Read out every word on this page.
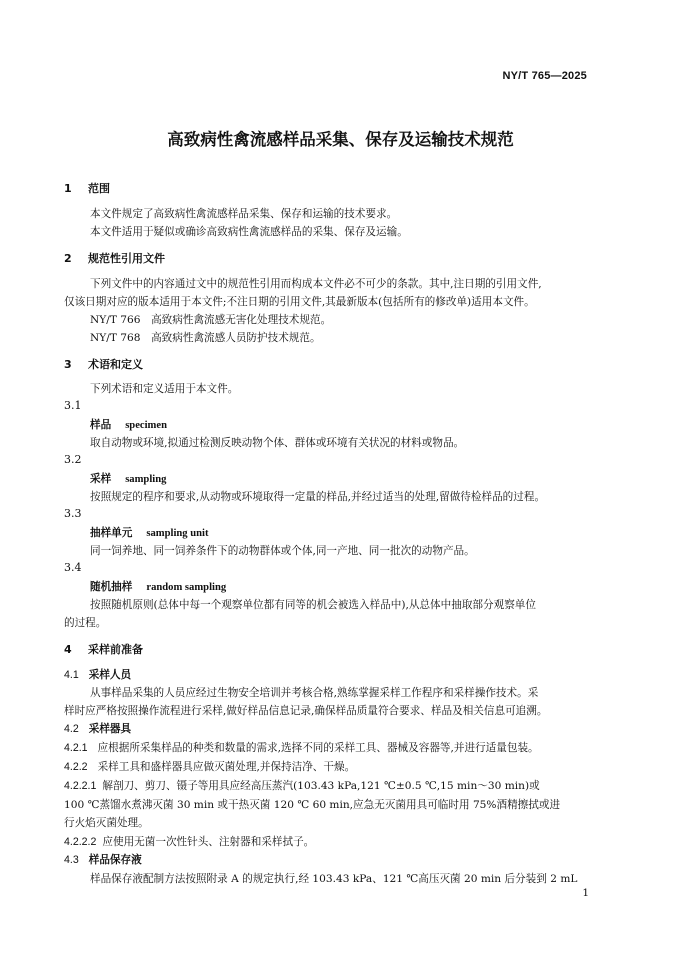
NY/T 765—2025
高致病性禽流感样品采集、保存及运输技术规范
1 范围
本文件规定了高致病性禽流感样品采集、保存和运输的技术要求。
本文件适用于疑似或确诊高致病性禽流感样品的采集、保存及运输。
2 规范性引用文件
下列文件中的内容通过文中的规范性引用而构成本文件必不可少的条款。其中,注日期的引用文件,
仅该日期对应的版本适用于本文件;不注日期的引用文件,其最新版本(包括所有的修改单)适用本文件。
NY/T 766　高致病性禽流感无害化处理技术规范。
NY/T 768　高致病性禽流感人员防护技术规范。
3 术语和定义
下列术语和定义适用于本文件。
3.1
样品 specimen
取自动物或环境,拟通过检测反映动物个体、群体或环境有关状况的材料或物品。
3.2
采样 sampling
按照规定的程序和要求,从动物或环境取得一定量的样品,并经过适当的处理,留做待检样品的过程。
3.3
抽样单元 sampling unit
同一饲养地、同一饲养条件下的动物群体或个体,同一产地、同一批次的动物产品。
3.4
随机抽样 random sampling
按照随机原则(总体中每一个观察单位都有同等的机会被选入样品中),从总体中抽取部分观察单位
的过程。
4 采样前准备
4.1 采样人员
从事样品采集的人员应经过生物安全培训并考核合格,熟练掌握采样工作程序和采样操作技术。采
样时应严格按照操作流程进行采样,做好样品信息记录,确保样品质量符合要求、样品及相关信息可追溯。
4.2 采样器具
4.2.1 应根据所采集样品的种类和数量的需求,选择不同的采样工具、器械及容器等,并进行适量包装。
4.2.2 采样工具和盛样器具应做灭菌处理,并保持洁净、干燥。
4.2.2.1 解剖刀、剪刀、镊子等用具应经高压蒸汽(103.43 kPa,121 ℃±0.5 ℃,15 min～30 min)或
100 ℃蒸馏水煮沸灭菌 30 min 或干热灭菌 120 ℃ 60 min,应急无灭菌用具可临时用 75%酒精擦拭或进
行火焰灭菌处理。
4.2.2.2 应使用无菌一次性针头、注射器和采样拭子。
4.3 样品保存液
样品保存液配制方法按照附录 A 的规定执行,经 103.43 kPa、121 ℃高压灭菌 20 min 后分装到 2 mL
1
